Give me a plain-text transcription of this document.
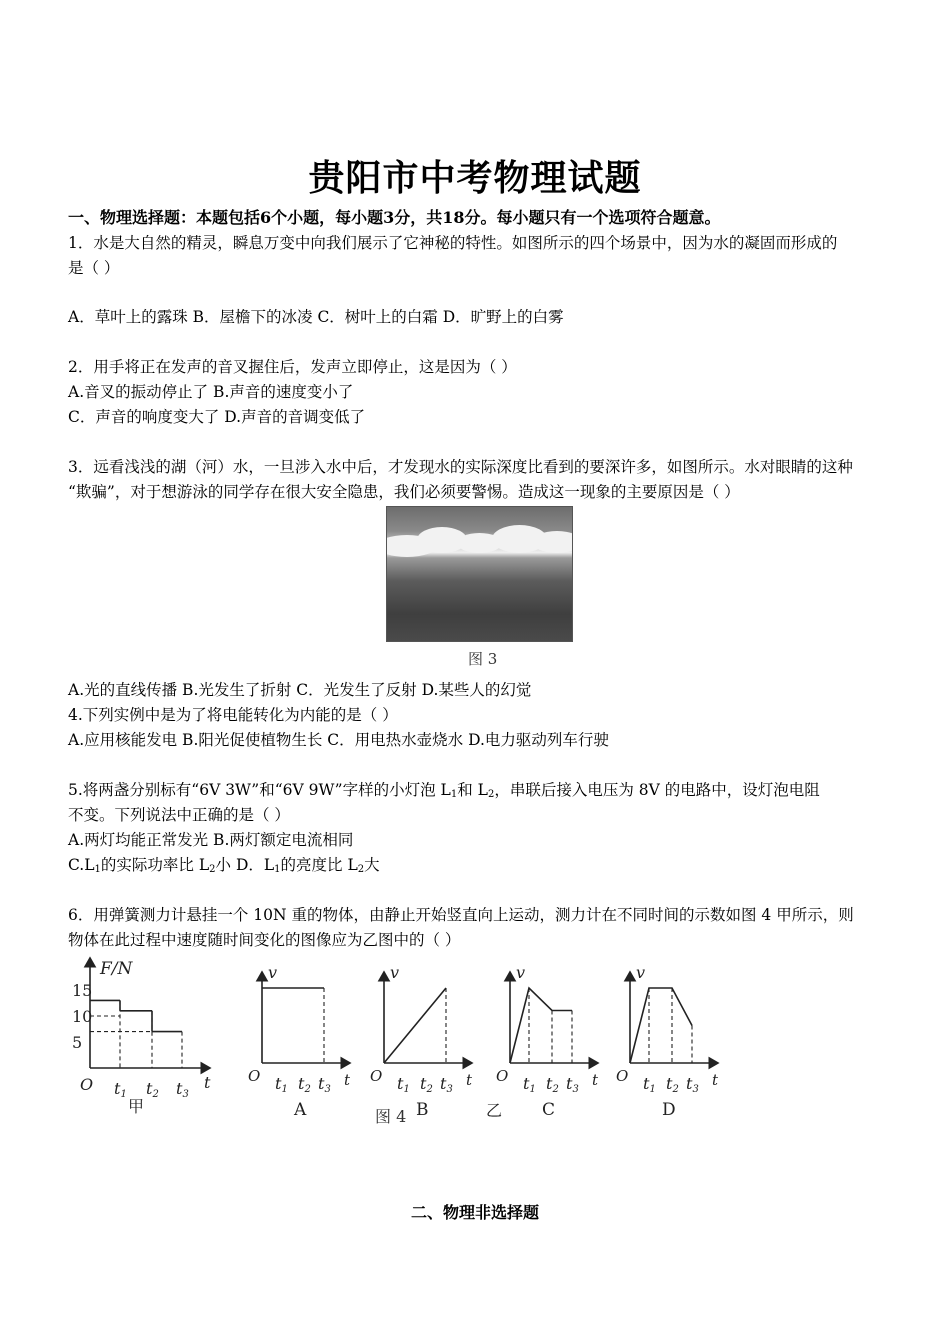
贵阳市中考物理试题
一、物理选择题：本题包括6个小题，每小题3分，共18分。每小题只有一个选项符合题意。
1．水是大自然的精灵，瞬息万变中向我们展示了它神秘的特性。如图所示的四个场景中，因为水的凝固而形成的
是（ ）
A．草叶上的露珠 B．屋檐下的冰凌 C．树叶上的白霜 D．旷野上的白雾
2．用手将正在发声的音叉握住后，发声立即停止，这是因为（ ）
A.音叉的振动停止了 B.声音的速度变小了
C．声音的响度变大了 D.声音的音调变低了
3．远看浅浅的湖（河）水，一旦涉入水中后，才发现水的实际深度比看到的要深许多，如图所示。水对眼睛的这种
“欺骗”，对于想游泳的同学存在很大安全隐患，我们必须要警惕。造成这一现象的主要原因是（ ）
图 3
A.光的直线传播 B.光发生了折射 C．光发生了反射 D.某些人的幻觉
4.下列实例中是为了将电能转化为内能的是（ ）
A.应用核能发电 B.阳光促使植物生长 C．用电热水壶烧水 D.电力驱动列车行驶
5.将两盏分别标有“6V 3W”和“6V 9W”字样的小灯泡 $L_1$和 $L_2$，串联后接入电压为 8V 的电路中，设灯泡电阻
不变。下列说法中正确的是（ ）
A.两灯均能正常发光 B.两灯额定电流相同
$C.L_1$的实际功率比 $L_2$小 D．$L_1$的亮度比 $L_2$大
6．用弹簧测力计悬挂一个 10N 重的物体，由静止开始竖直向上运动，测力计在不同时间的示数如图 4 甲所示，则
物体在此过程中速度随时间变化的图像应为乙图中的（ ）
F/N
15
10
5
O t1 t2 t3
t
甲
v
O t1 t2 t3
t
A
v
O t1 t2 t3
t
B
v
O t1 t2 t3
t
C
v
O t1 t2 t3
t
D
图 4	乙
二、物理非选择题
